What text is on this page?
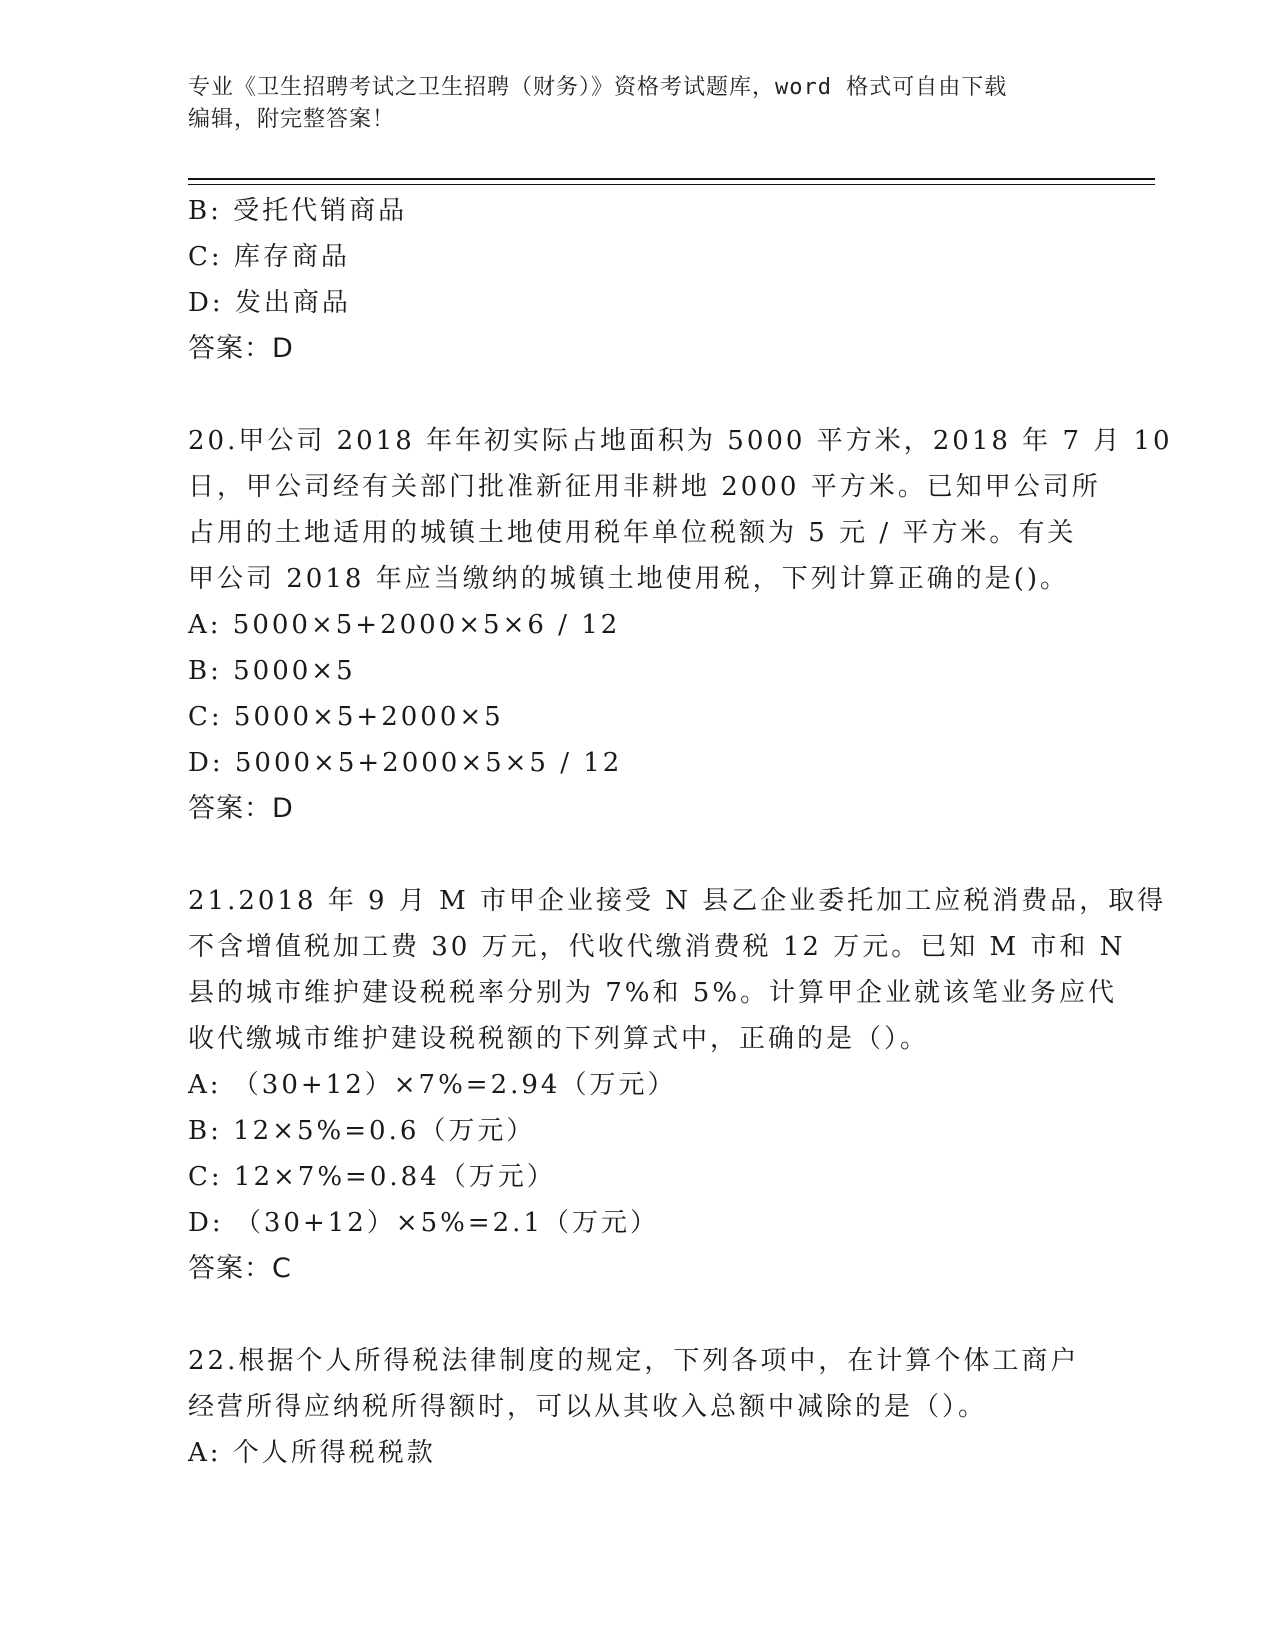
专业《卫生招聘考试之卫生招聘（财务）》资格考试题库，word 格式可自由下载
编辑，附完整答案！
B: 受托代销商品
C: 库存商品
D: 发出商品
答案：D

20.甲公司 2018 年年初实际占地面积为 5000 平方米，2018 年 7 月 10

日，甲公司经有关部门批准新征用非耕地 2000 平方米。已知甲公司所

占用的土地适用的城镇土地使用税年单位税额为 5 元 / 平方米。有关

甲公司 2018 年应当缴纳的城镇土地使用税，下列计算正确的是()。

A: 5000×5+2000×5×6 / 12
B: 5000×5
C: 5000×5+2000×5
D: 5000×5+2000×5×5 / 12
答案：D

21.2018 年 9 月 M 市甲企业接受 N 县乙企业委托加工应税消费品，取得

不含增值税加工费 30 万元，代收代缴消费税 12 万元。已知 M 市和 N

县的城市维护建设税税率分别为 7%和 5%。计算甲企业就该笔业务应代

收代缴城市维护建设税税额的下列算式中，正确的是（）。

A: （30+12）×7%=2.94（万元）
B: 12×5%=0.6（万元）
C: 12×7%=0.84（万元）
D: （30+12）×5%=2.1（万元）
答案：C

22.根据个人所得税法律制度的规定，下列各项中，在计算个体工商户

经营所得应纳税所得额时，可以从其收入总额中减除的是（）。

A: 个人所得税税款
